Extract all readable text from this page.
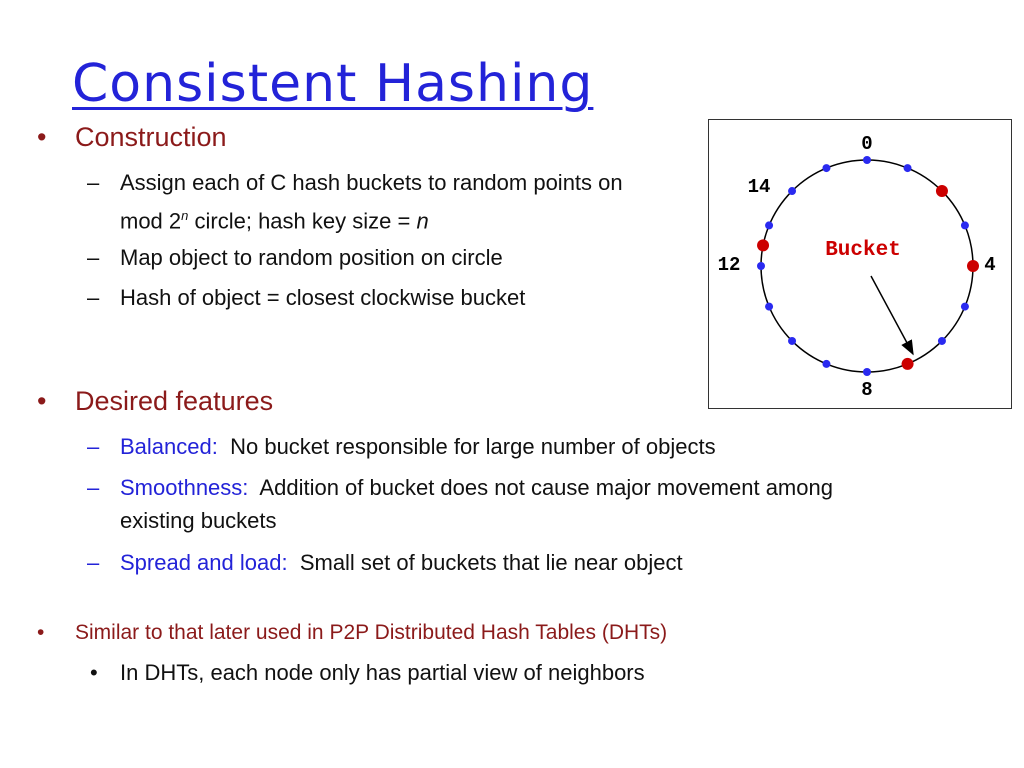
Consistent Hashing
• Construction
– Assign each of C hash buckets to random points on
mod 2$^n$ circle; hash key size = n
– Map object to random position on circle
– Hash of object = closest clockwise bucket
• Desired features
– Balanced: No bucket responsible for large number of objects
– Smoothness: Addition of bucket does not cause major movement among
existing buckets
– Spread and load: Small set of buckets that lie near object
• Similar to that later used in P2P Distributed Hash Tables (DHTs)
• In DHTs, each node only has partial view of neighbors
0
14
12	4
8
Bucket
